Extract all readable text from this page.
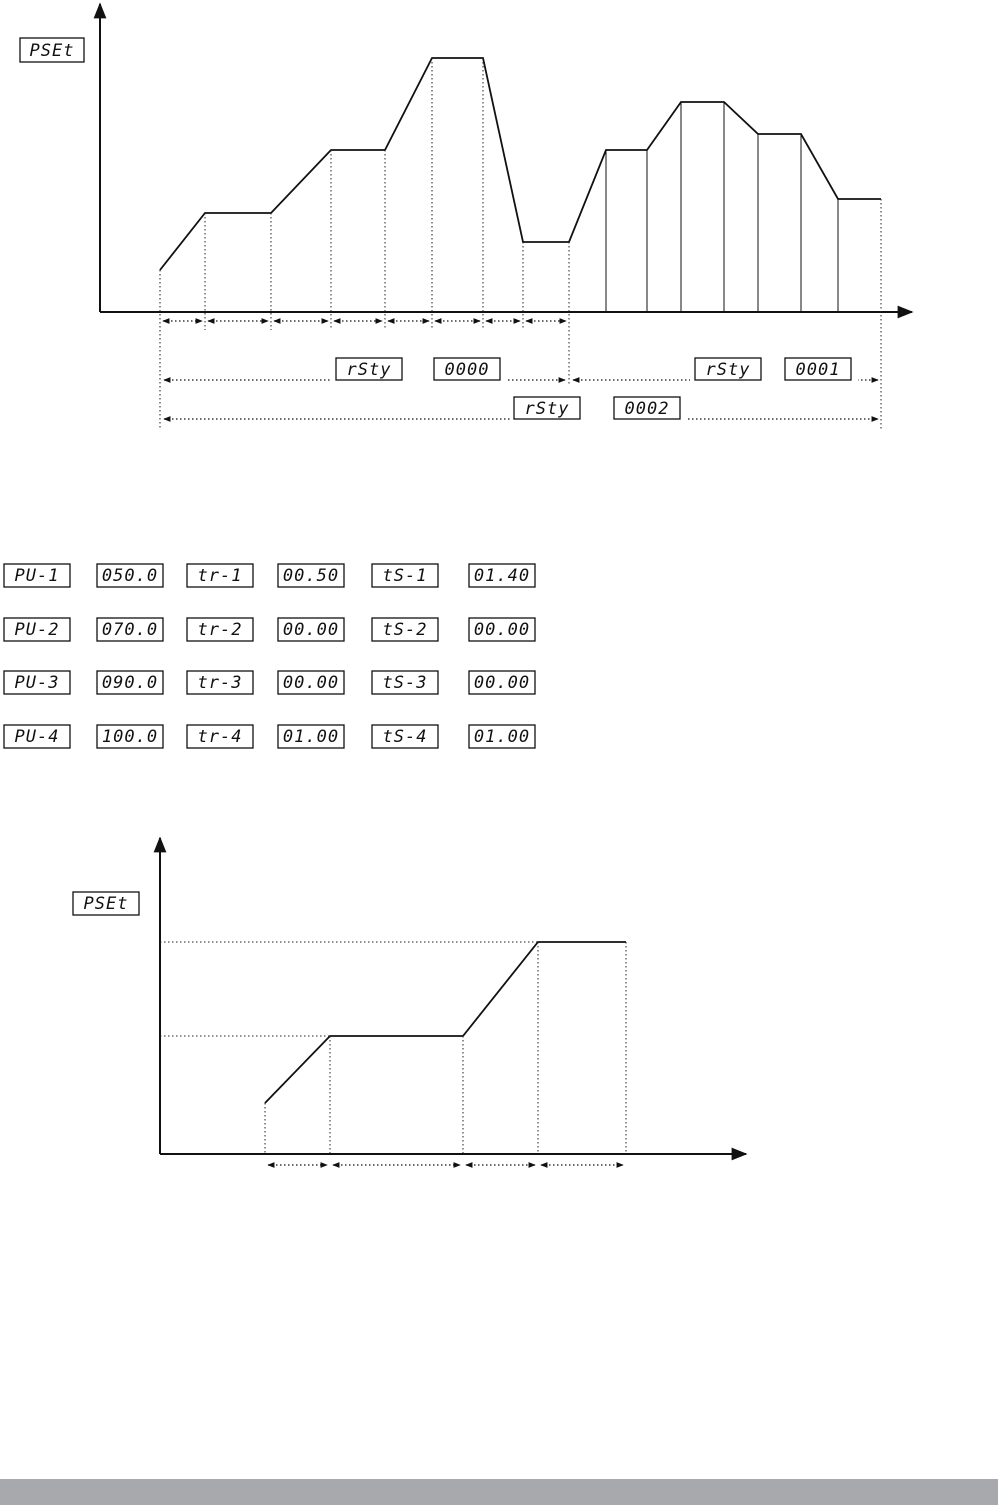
PSEt
rSty	0000	rSty	0001
rSty	0002
PU-1 050.0 tr-1 00.50	tS-1	01.40
PU-2 070.0 tr-2 00.00	tS-2	00.00
PU-3 090.0 tr-3 00.00	tS-3	00.00
PU-4 100.0 tr-4 01.00	tS-4	01.00
PSEt
